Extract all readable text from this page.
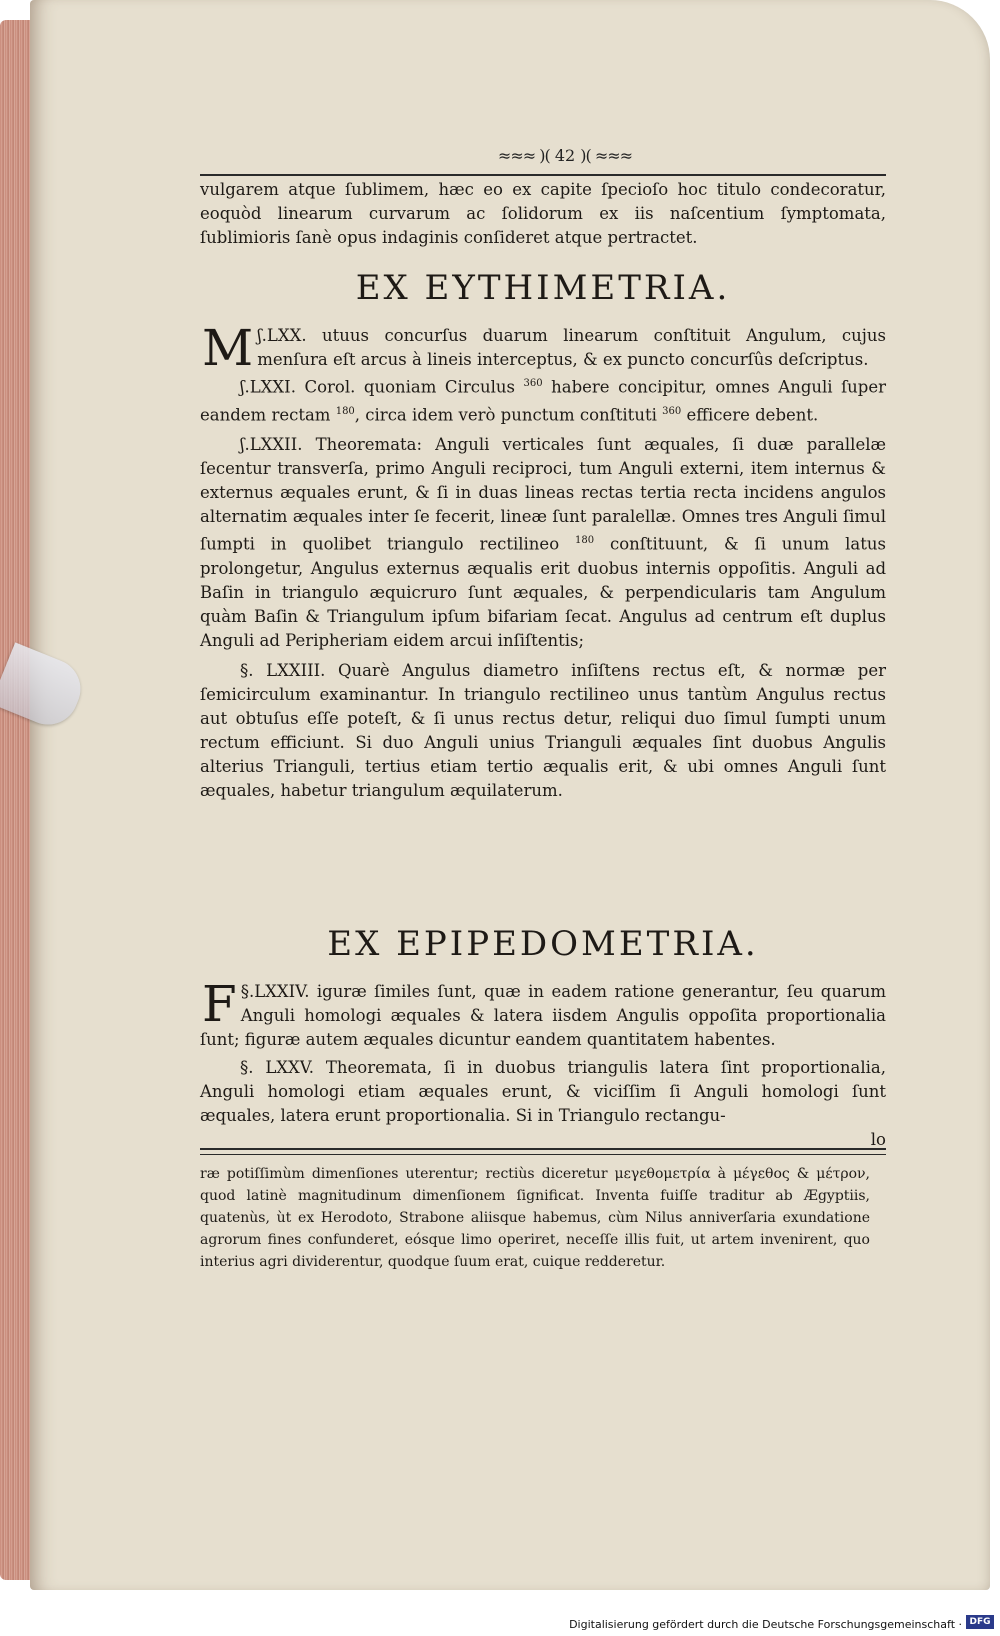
≈≈≈ )( 42 )( ≈≈≈

vulgarem atque ſublimem, hæc eo ex capite ſpecioſo hoc titulo condecoratur, eoquòd linearum curvarum ac ſolidorum ex iis naſcentium ſymptomata, ſublimioris ſanè opus indaginis conſideret atque pertractet.

EX EYTHIMETRIA.

ʃ.LXX.
M	utuus concurſus duarum linearum conſtituit Angulum, cujus menſura eſt arcus à lineis interceptus, & ex puncto concurſûs deſcriptus.

ʃ.LXXI. Corol. quoniam Circulus $^{360}$ habere concipitur, omnes Anguli ſuper eandem rectam $^{180}$, circa idem verò punctum conſtituti $^{360}$ efficere debent.

ʃ.LXXII. Theoremata: Anguli verticales ſunt æquales, ſi duæ parallelæ ſecentur transverſa, primo Anguli reciproci, tum Anguli externi, item internus & externus æquales erunt, & ſi in duas lineas rectas tertia recta incidens angulos alternatim æquales inter ſe fecerit, lineæ ſunt paralellæ. Omnes tres Anguli ſimul ſumpti in quolibet triangulo rectilineo $^{180}$ conſtituunt, & ſi unum latus prolongetur, Angulus externus æqualis erit duobus internis oppoſitis. Anguli ad Baſin in triangulo æquicruro ſunt æquales, & perpendicularis tam Angulum quàm Baſin & Triangulum ipſum bifariam ſecat. Angulus ad centrum eſt duplus Anguli ad Peripheriam eidem arcui inſiſtentis;

§. LXXIII. Quarè Angulus diametro inſiſtens rectus eſt, & normæ per ſemicirculum examinantur. In triangulo rectilineo unus tantùm Angulus rectus aut obtuſus eſſe poteſt, & ſi unus rectus detur, reliqui duo ſimul ſumpti unum rectum efficiunt. Si duo Anguli unius Trianguli æquales ſint duobus Angulis alterius Trianguli, tertius etiam tertio æqualis erit, & ubi omnes Anguli ſunt æquales, habetur triangulum æquilaterum.

EX EPIPEDOMETRIA.

§.LXXIV.
F	iguræ ſimiles ſunt, quæ in eadem ratione generantur, ſeu quarum Anguli homologi æquales & latera iisdem Angulis oppoſita proportionalia ſunt; figuræ autem æquales dicuntur eandem quantitatem habentes.

§. LXXV. Theoremata, ſi in duobus triangulis latera ſint proportionalia, Anguli homologi etiam æquales erunt, & viciſſim ſi Anguli homologi ſunt æquales, latera erunt proportionalia. Si in Triangulo rectangu-

lo

ræ potiſſimùm dimenſiones uterentur; rectiùs diceretur μεγεθομετρία à μέγεθος & μέτρον, quod latinè magnitudinum dimenſionem ſignificat. Inventa fuiſſe traditur ab Ægyptiis, quatenùs, ùt ex Herodoto, Strabone aliisque habemus, cùm Nilus anniverſaria exundatione agrorum fines confunderet, eósque limo operiret, neceſſe illis fuit, ut artem invenirent, quo interius agri dividerentur, quodque ſuum erat, cuique redderetur.
Digitalisierung gefördert durch die Deutsche Forschungsgemeinschaft · DFG
